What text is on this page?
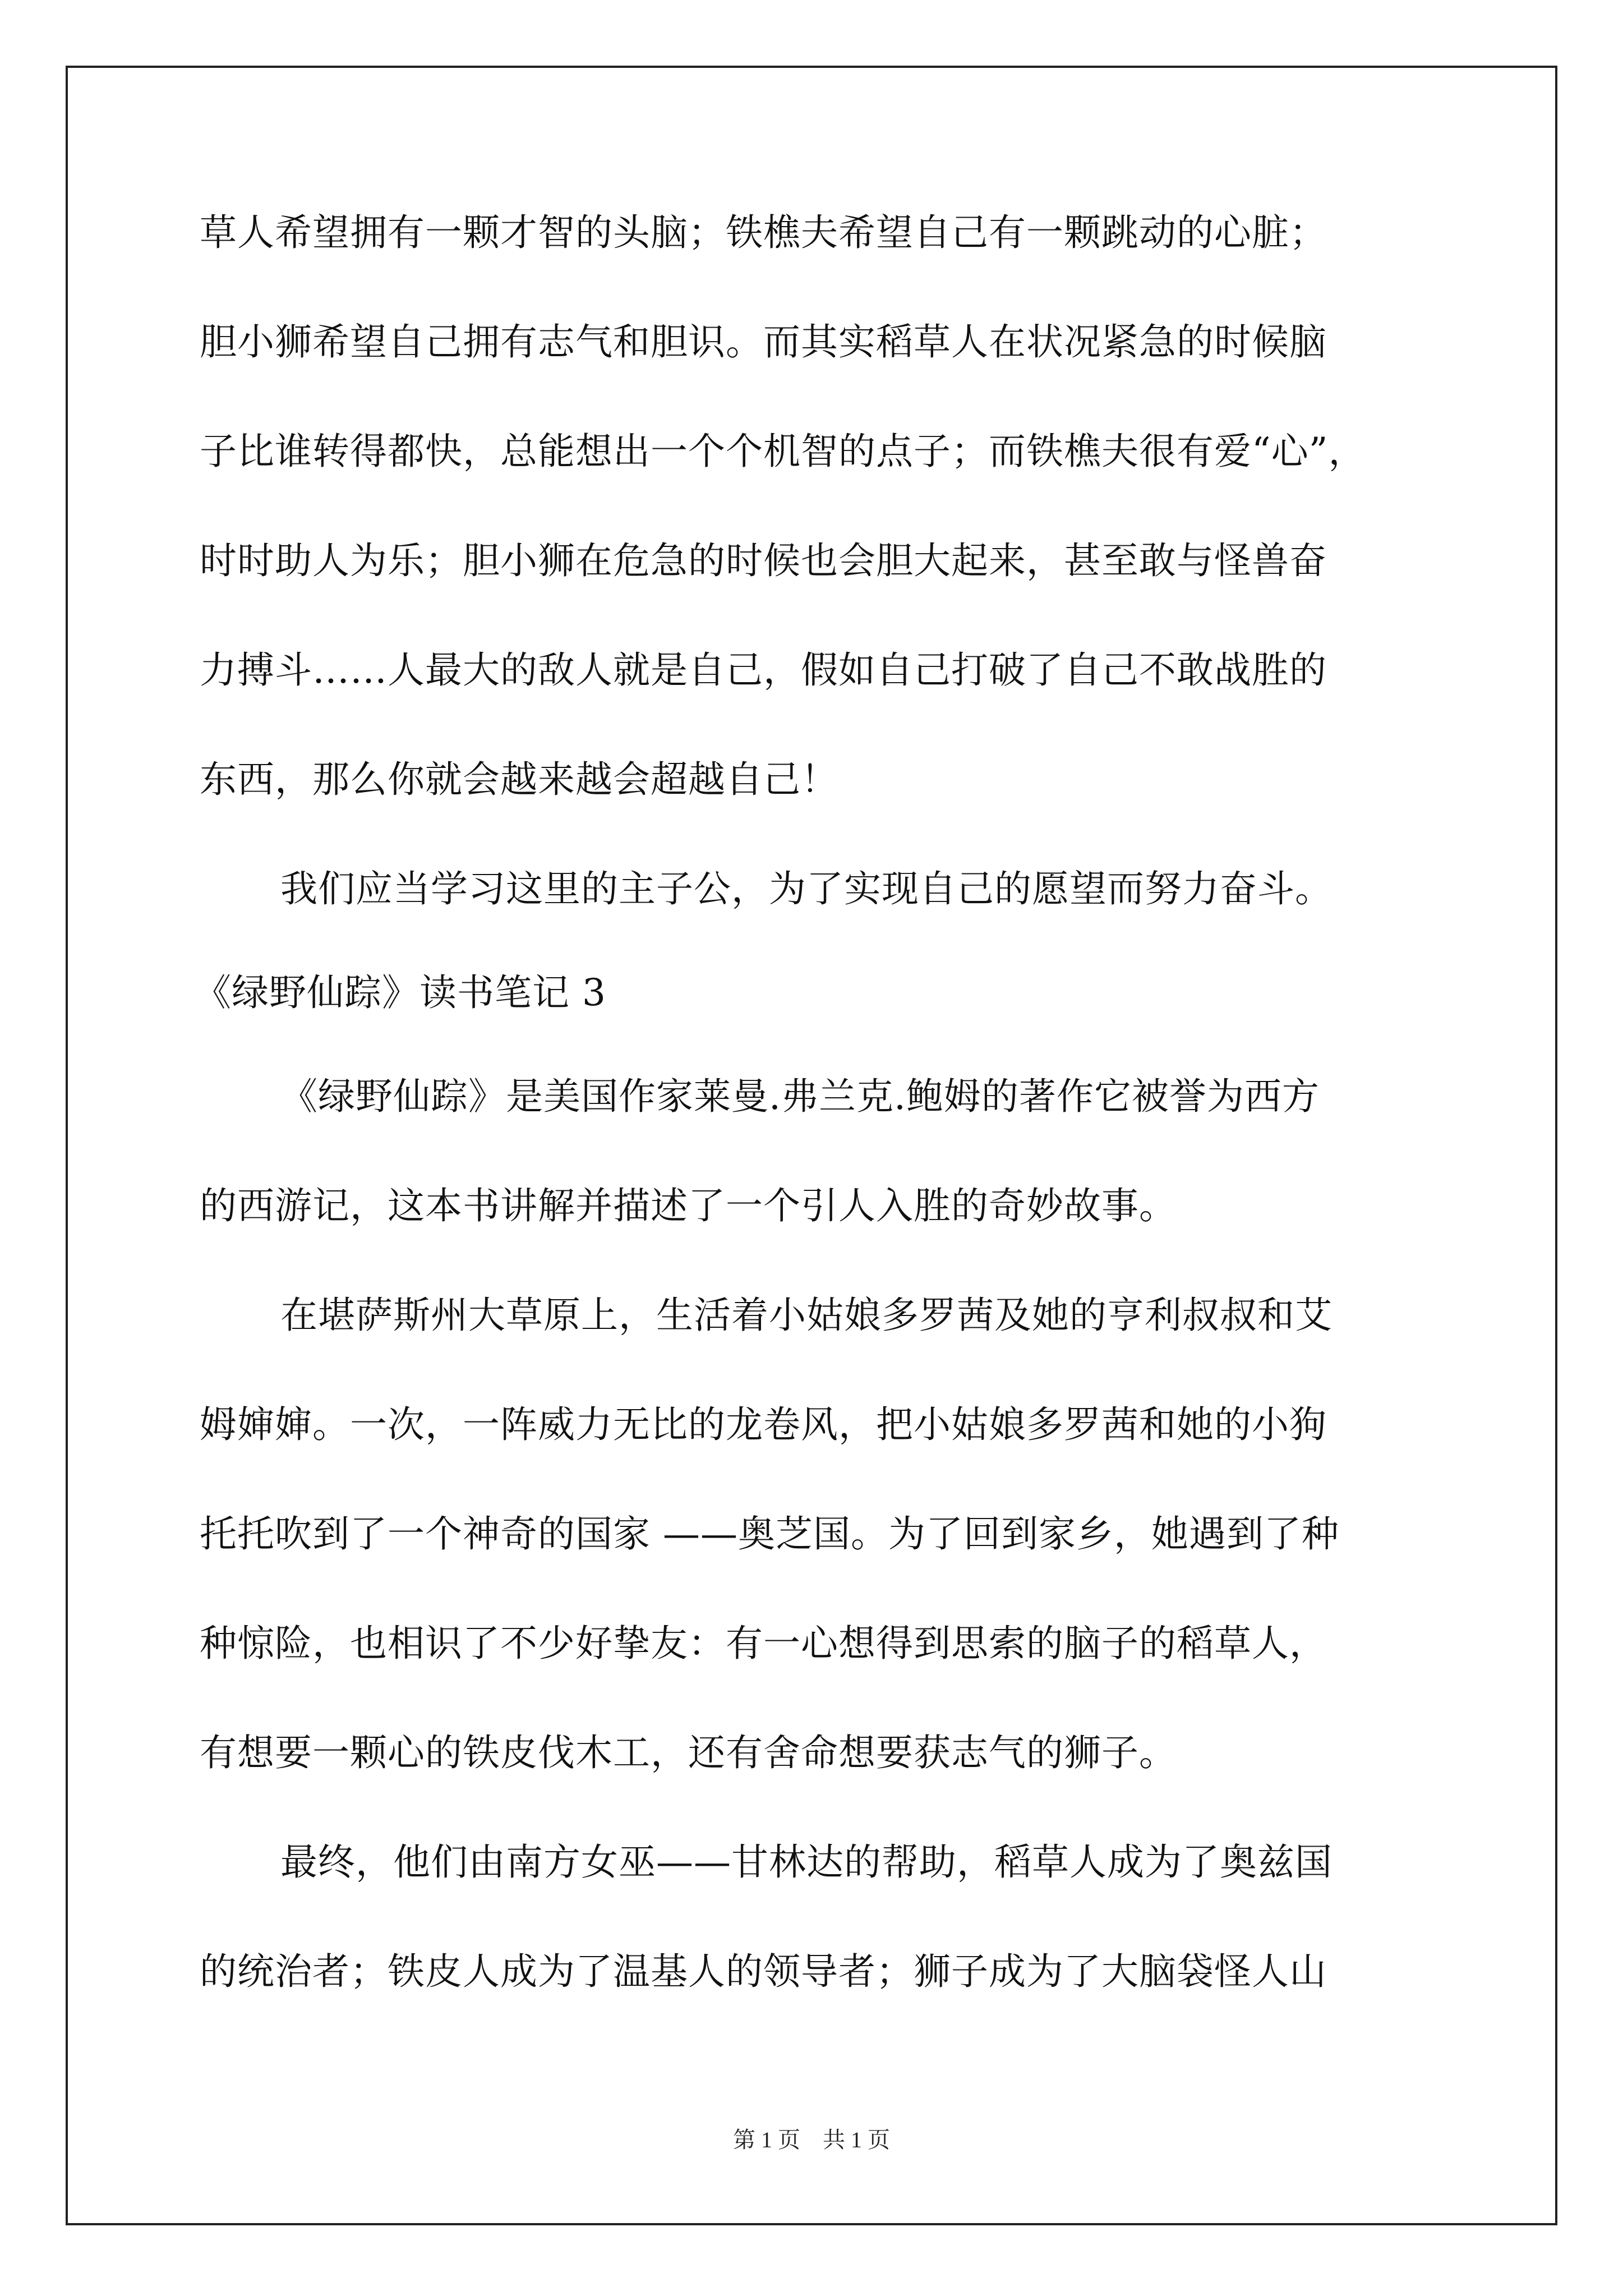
草人希望拥有一颗才智的头脑；铁樵夫希望自己有一颗跳动的心脏；
胆小狮希望自己拥有志气和胆识。而其实稻草人在状况紧急的时候脑
子比谁转得都快，总能想出一个个机智的点子；而铁樵夫很有爱“心”，
时时助人为乐；胆小狮在危急的时候也会胆大起来，甚至敢与怪兽奋
力搏斗……人最大的敌人就是自己，假如自己打破了自己不敢战胜的
东西，那么你就会越来越会超越自己！
我们应当学习这里的主子公，为了实现自己的愿望而努力奋斗。
《绿野仙踪》读书笔记 3
《绿野仙踪》是美国作家莱曼.弗兰克.鲍姆的著作它被誉为西方
的西游记，这本书讲解并描述了一个引人入胜的奇妙故事。
在堪萨斯州大草原上，生活着小姑娘多罗茜及她的亨利叔叔和艾
姆婶婶。一次，一阵威力无比的龙卷风，把小姑娘多罗茜和她的小狗
托托吹到了一个神奇的国家 ——奥芝国。为了回到家乡，她遇到了种
种惊险，也相识了不少好挚友：有一心想得到思索的脑子的稻草人，
有想要一颗心的铁皮伐木工，还有舍命想要获志气的狮子。
最终，他们由南方女巫——甘林达的帮助，稻草人成为了奥兹国
的统治者；铁皮人成为了温基人的领导者；狮子成为了大脑袋怪人山
第 1 页　共 1 页
